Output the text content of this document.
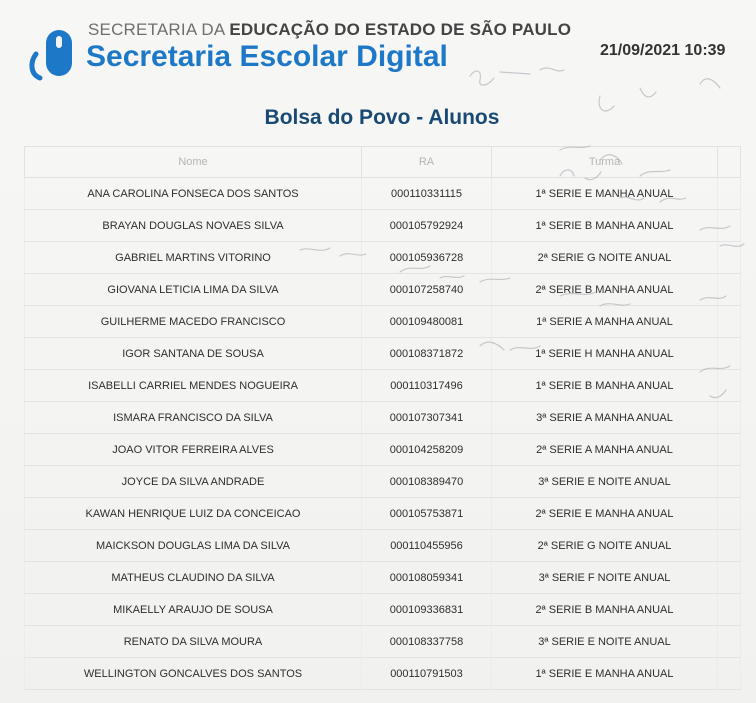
SECRETARIA DA EDUCAÇÃO DO ESTADO DE SÃO PAULO
Secretaria Escolar Digital	21/09/2021 10:39
Bolsa do Povo - Alunos
Nome	RA	Turma	
ANA CAROLINA FONSECA DOS SANTOS	000110331115	1ª SERIE E MANHA ANUAL	
BRAYAN DOUGLAS NOVAES SILVA	000105792924	1ª SERIE B MANHA ANUAL	
GABRIEL MARTINS VITORINO	000105936728	2ª SERIE G NOITE ANUAL	
GIOVANA LETICIA LIMA DA SILVA	000107258740	2ª SERIE B MANHA ANUAL	
GUILHERME MACEDO FRANCISCO	000109480081	1ª SERIE A MANHA ANUAL	
IGOR SANTANA DE SOUSA	000108371872	1ª SERIE H MANHA ANUAL	
ISABELLI CARRIEL MENDES NOGUEIRA	000110317496	1ª SERIE B MANHA ANUAL	
ISMARA FRANCISCO DA SILVA	000107307341	3ª SERIE A MANHA ANUAL	
JOAO VITOR FERREIRA ALVES	000104258209	2ª SERIE A MANHA ANUAL	
JOYCE DA SILVA ANDRADE	000108389470	3ª SERIE E NOITE ANUAL	
KAWAN HENRIQUE LUIZ DA CONCEICAO	000105753871	2ª SERIE E MANHA ANUAL	
MAICKSON DOUGLAS LIMA DA SILVA	000110455956	2ª SERIE G NOITE ANUAL	
MATHEUS CLAUDINO DA SILVA	000108059341	3ª SERIE F NOITE ANUAL	
MIKAELLY ARAUJO DE SOUSA	000109336831	2ª SERIE B MANHA ANUAL	
RENATO DA SILVA MOURA	000108337758	3ª SERIE E NOITE ANUAL	
WELLINGTON GONCALVES DOS SANTOS	000110791503	1ª SERIE E MANHA ANUAL	
